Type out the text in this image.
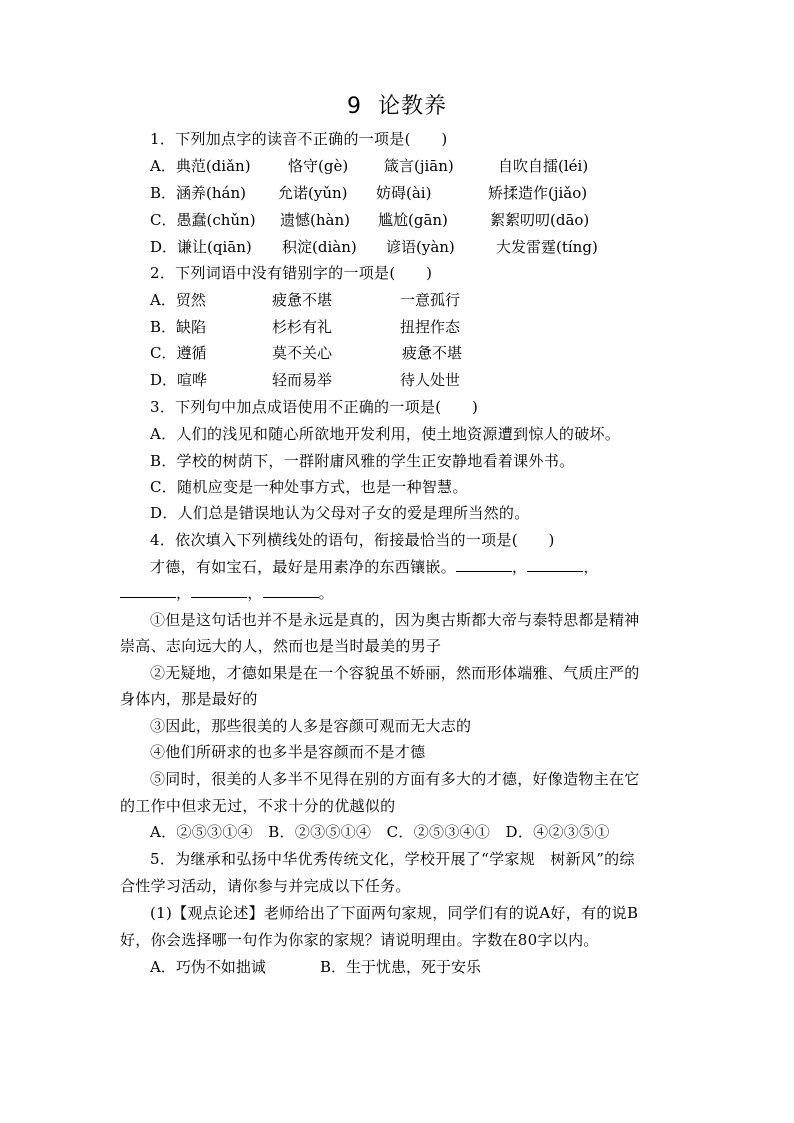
9 论教养
1．下列加点字的读音不正确的一项是(　　)
A．典范(diǎn) 恪守(gè) 箴言(jiān)	自吹自擂(léi)
B．涵养(hán) 允诺(yǔn) 妨碍(ài)	矫揉造作(jiǎo)
C．愚蠢(chǔn) 遗憾(hàn) 尴尬(gān)	絮絮叨叨(dāo)
D．谦让(qiān) 积淀(diàn) 谚语(yàn)	大发雷霆(tíng)
2．下列词语中没有错别字的一项是(　　)
A．贸然	疲惫不堪	一意孤行
B．缺陷	杉杉有礼	扭捏作态
C．遵循	莫不关心	疲惫不堪
D．喧哗	轻而易举	待人处世
3．下列句中加点成语使用不正确的一项是(　　)
A．人们的浅见和随心所欲地开发利用，使土地资源遭到惊人的破坏。
B．学校的树荫下，一群附庸风雅的学生正安静地看着课外书。
C．随机应变是一种处事方式，也是一种智慧。
D．人们总是错误地认为父母对子女的爱是理所当然的。
4．依次填入下列横线处的语句，衔接最恰当的一项是(　　)
才德，有如宝石，最好是用素净的东西镶嵌。	，	，
，	，	。
①但是这句话也并不是永远是真的，因为奥古斯都大帝与泰特思都是精神
崇高、志向远大的人，然而也是当时最美的男子
②无疑地，才德如果是在一个容貌虽不娇丽，然而形体端雅、气质庄严的
身体内，那是最好的
③因此，那些很美的人多是容颜可观而无大志的
④他们所研求的也多半是容颜而不是才德
⑤同时，很美的人多半不见得在别的方面有多大的才德，好像造物主在它
的工作中但求无过，不求十分的优越似的
A．②⑤③①④　B．②③⑤①④　C．②⑤③④①　D．④②③⑤①
5．为继承和弘扬中华优秀传统文化，学校开展了“学家规　树新风”的综
合性学习活动，请你参与并完成以下任务。
(1)【观点论述】老师给出了下面两句家规，同学们有的说A好，有的说B
好，你会选择哪一句作为你家的家规？请说明理由。字数在80字以内。
A．巧伪不如拙诚	B．生于忧患，死于安乐
